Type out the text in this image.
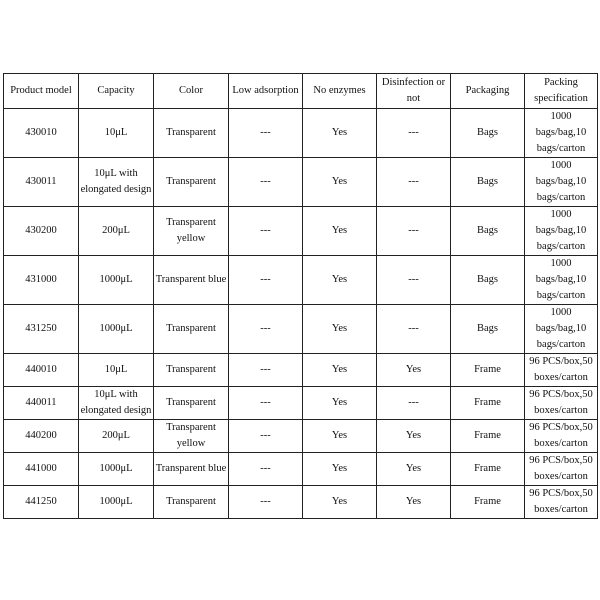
Product model	Capacity	Color	Low adsorption	No enzymes	Disinfection or not	Packaging	Packing specification
430010	10μL	Transparent	---	Yes	---	Bags	1000 bags/bag,10 bags/carton
430011	10μL with elongated design	Transparent	---	Yes	---	Bags	1000 bags/bag,10 bags/carton
430200	200μL	Transparent yellow	---	Yes	---	Bags	1000 bags/bag,10 bags/carton
431000	1000μL	Transparent blue	---	Yes	---	Bags	1000 bags/bag,10 bags/carton
431250	1000μL	Transparent	---	Yes	---	Bags	1000 bags/bag,10 bags/carton
440010	10μL	Transparent	---	Yes	Yes	Frame	96 PCS/box,50 boxes/carton
440011	10μL with elongated design	Transparent	---	Yes	---	Frame	96 PCS/box,50 boxes/carton
440200	200μL	Transparent yellow	---	Yes	Yes	Frame	96 PCS/box,50 boxes/carton
441000	1000μL	Transparent blue	---	Yes	Yes	Frame	96 PCS/box,50 boxes/carton
441250	1000μL	Transparent	---	Yes	Yes	Frame	96 PCS/box,50 boxes/carton
